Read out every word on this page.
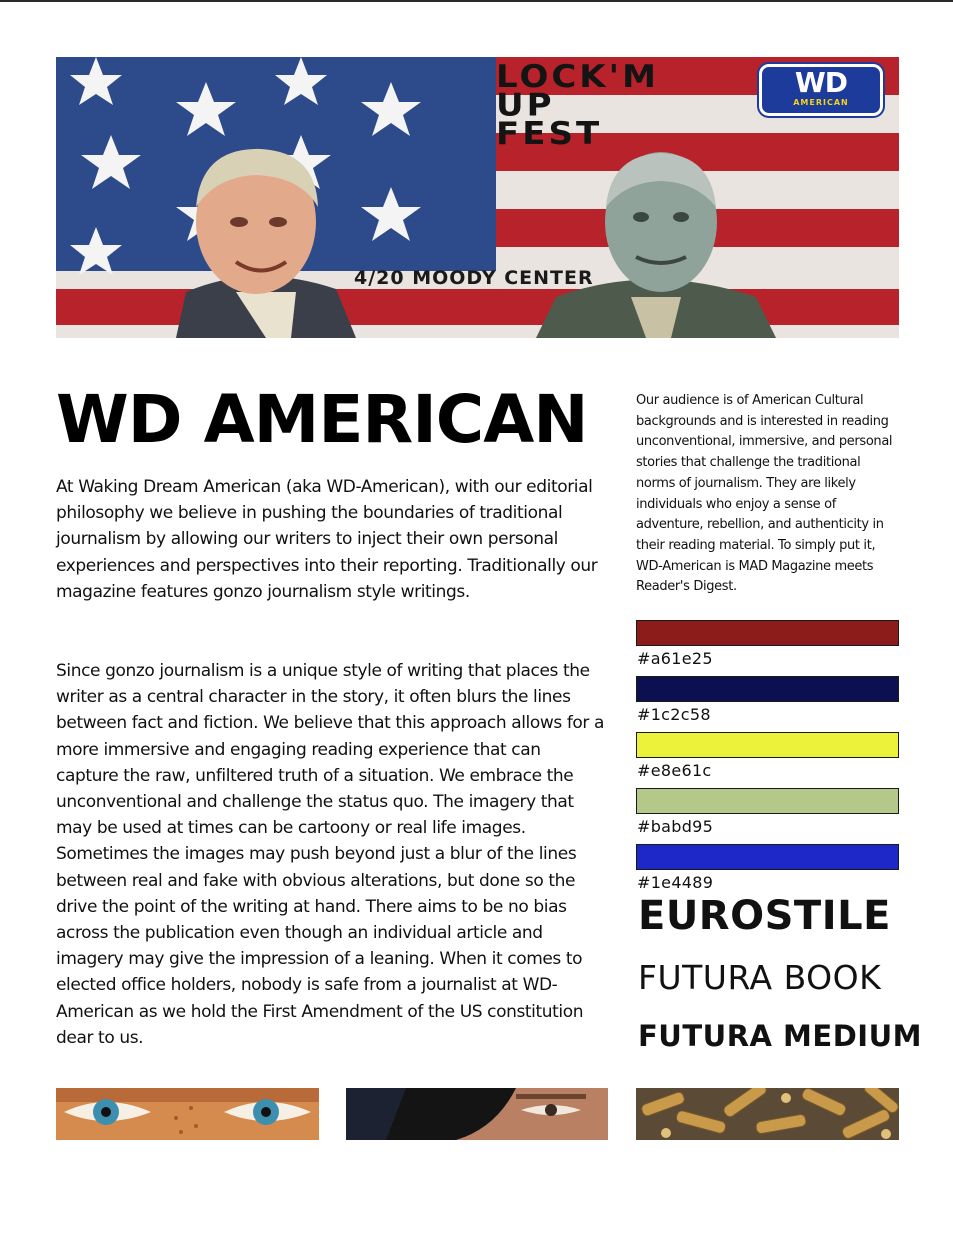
LOCK'M
UP
FEST
4/20 MOODY CENTER
WD
AMERICAN
WD AMERICAN

At Waking Dream American (aka WD-American), with our editorial philosophy we believe in pushing the boundaries of traditional journalism by allowing our writers to inject their own personal experiences and perspectives into their reporting. Traditionally our magazine features gonzo journalism style writings.

Since gonzo journalism is a unique style of writing that places the writer as a central character in the story, it often blurs the lines between fact and fiction. We believe that this approach allows for a more immersive and engaging reading experience that can capture the raw, unfiltered truth of a situation. We embrace the unconventional and challenge the status quo. The imagery that may be used at times can be cartoony or real life images. Sometimes the images may push beyond just a blur of the lines between real and fake with obvious alterations, but done so the drive the point of the writing at hand. There aims to be no bias across the publication even though an individual article and imagery may give the impression of a leaning. When it comes to elected office holders, nobody is safe from a journalist at WD-American as we hold the First Amendment of the US constitution dear to us.

Our audience is of American Cultural backgrounds and is interested in reading unconventional, immersive, and personal stories that challenge the traditional norms of journalism. They are likely individuals who enjoy a sense of adventure, rebellion, and authenticity in their reading material. To simply put it, WD-American is MAD Magazine meets Reader's Digest.

#a61e25
#1c2c58
#e8e61c
#babd95
#1e4489
EUROSTILE
FUTURA BOOK
FUTURA MEDIUM
